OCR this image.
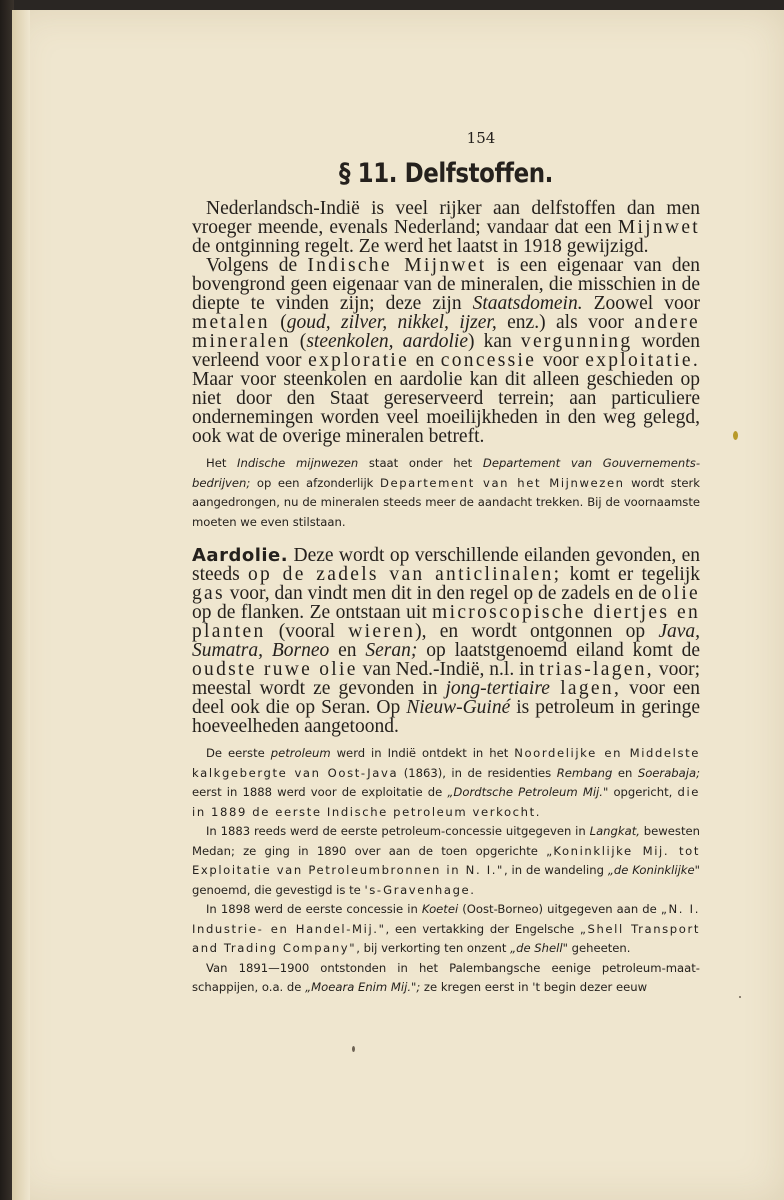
154
§ 11. Delfstoffen.

Nederlandsch-Indië is veel rijker aan delfstoffen dan men vroeger meende, evenals Nederland; vandaar dat een Mijnwet de ontginning regelt. Ze werd het laatst in 1918 gewijzigd.

Volgens de Indische Mijnwet is een eigenaar van den bovengrond geen eigenaar van de mineralen, die misschien in de diepte te vinden zijn; deze zijn Staatsdomein. Zoowel voor metalen (goud, zilver, nikkel, ijzer, enz.) als voor andere mineralen (steenkolen, aardolie) kan vergunning worden verleend voor exploratie en concessie voor exploitatie. Maar voor steenkolen en aardolie kan dit alleen geschieden op niet door den Staat gereserveerd terrein; aan particuliere ondernemingen worden veel moeilijkheden in den weg gelegd, ook wat de overige mineralen betreft.

Het Indische mijnwezen staat onder het Departement van Gouvernements-bedrijven; op een afzonderlijk Departement van het Mijnwezen wordt sterk aangedrongen, nu de mineralen steeds meer de aandacht trekken. Bij de voornaamste moeten we even stilstaan.

Aardolie. Deze wordt op verschillende eilanden gevonden, en steeds op de zadels van anticlinalen; komt er tegelijk gas voor, dan vindt men dit in den regel op de zadels en de olie op de flanken. Ze ontstaan uit microscopische diertjes en planten (vooral wieren), en wordt ontgonnen op Java, Sumatra, Borneo en Seran; op laatstgenoemd eiland komt de oudste ruwe olie van Ned.-Indië, n.l. in trias-lagen, voor; meestal wordt ze gevonden in jong-tertiaire lagen, voor een deel ook die op Seran. Op Nieuw-Guiné is petroleum in geringe hoeveelheden aangetoond.

De eerste petroleum werd in Indië ontdekt in het Noordelijke en Middelste kalkgebergte van Oost-Java (1863), in de residenties Rembang en Soerabaja; eerst in 1888 werd voor de exploitatie de „Dordtsche Petroleum Mij." opgericht, die in 1889 de eerste Indische petroleum verkocht.

In 1883 reeds werd de eerste petroleum-concessie uitgegeven in Langkat, bewesten Medan; ze ging in 1890 over aan de toen opgerichte „Koninklijke Mij. tot Exploitatie van Petroleumbronnen in N. I.", in de wandeling „de Koninklijke" genoemd, die gevestigd is te 's-Gravenhage.

In 1898 werd de eerste concessie in Koetei (Oost-Borneo) uitgegeven aan de „N. I. Industrie- en Handel-Mij.", een vertakking der Engelsche „Shell Transport and Trading Company", bij verkorting ten onzent „de Shell" geheeten.

Van 1891—1900 ontstonden in het Palembangsche eenige petroleum-maat-schappijen, o.a. de „Moeara Enim Mij."; ze kregen eerst in 't begin dezer eeuw
